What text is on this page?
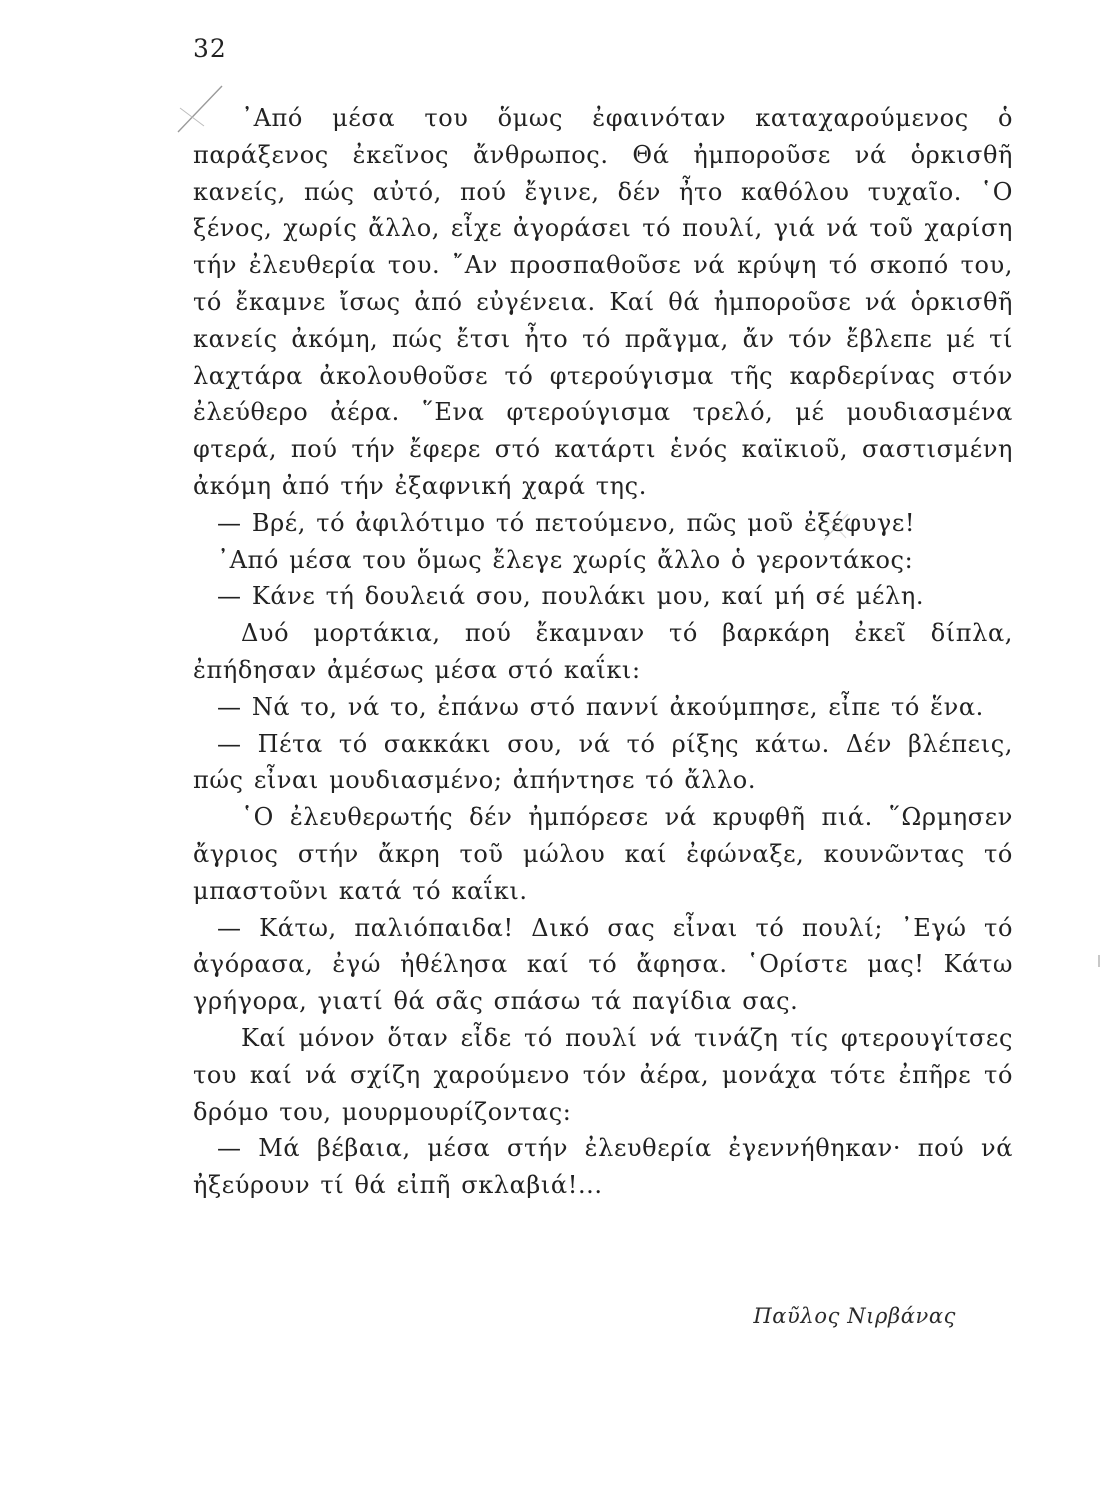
32

᾿Από μέσα του ὅμως ἐφαινόταν καταχαρούμενος ὁ παράξενος ἐκεῖνος ἄνθρωπος. Θά ἠμποροῦσε νά ὁρκισθῆ κανείς, πώς αὐτό, πού ἔγινε, δέν ἦτο καθόλου τυχαῖο. ῾Ο ξένος, χωρίς ἄλλο, εἶχε ἀγοράσει τό πουλί, γιά νά τοῦ χαρίση τήν ἐλευθερία του. ῎Αν προσπαθοῦσε νά κρύψη τό σκοπό του, τό ἔκαμνε ἴσως ἀπό εὐγένεια. Καί θά ἠμποροῦσε νά ὁρκισθῆ κανείς ἀκόμη, πώς ἔτσι ἦτο τό πρᾶγμα, ἄν τόν ἔβλεπε μέ τί λαχτάρα ἀκολουθοῦσε τό φτερούγισμα τῆς καρδερίνας στόν ἐλεύθερο ἀέρα. ῞Ενα φτερούγισμα τρελό, μέ μουδιασμένα φτερά, πού τήν ἔφερε στό κατάρτι ἑνός καϊκιοῦ, σαστισμένη ἀκόμη ἀπό τήν ἐξαφνική χαρά της.

— Βρέ, τό ἀφιλότιμο τό πετούμενο, πῶς μοῦ ἐξέφυγε!

᾿Από μέσα του ὅμως ἔλεγε χωρίς ἄλλο ὁ γεροντάκος:

— Κάνε τή δουλειά σου, πουλάκι μου, καί μή σέ μέλη.

Δυό μορτάκια, πού ἔκαμναν τό βαρκάρη ἐκεῖ δίπλα, ἐπήδησαν ἀμέσως μέσα στό καΐκι:

— Νά το, νά το, ἐπάνω στό παννί ἀκούμπησε, εἶπε τό ἕνα.

— Πέτα τό σακκάκι σου, νά τό ρίξης κάτω. Δέν βλέπεις, πώς εἶναι μουδιασμένο; ἀπήντησε τό ἄλλο.

῾Ο ἐλευθερωτής δέν ἠμπόρεσε νά κρυφθῆ πιά. ῞Ωρμησεν ἄγριος στήν ἄκρη τοῦ μώλου καί ἐφώναξε, κουνῶντας τό μπαστοῦνι κατά τό καΐκι.

— Κάτω, παλιόπαιδα! Δικό σας εἶναι τό πουλί; ᾿Εγώ τό ἀγόρασα, ἐγώ ἠθέλησα καί τό ἄφησα. ῾Ορίστε μας! Κάτω γρήγορα, γιατί θά σᾶς σπάσω τά παγίδια σας.

Καί μόνον ὅταν εἶδε τό πουλί νά τινάζη τίς φτερουγίτσες του καί νά σχίζη χαρούμενο τόν ἀέρα, μονάχα τότε ἐπῆρε τό δρόμο του, μουρμουρίζοντας:

— Μά βέβαια, μέσα στήν ἐλευθερία ἐγεννήθηκαν· πού νά ἠξεύρουν τί θά εἰπῆ σκλαβιά!...

Παῦλος Νιρβάνας
